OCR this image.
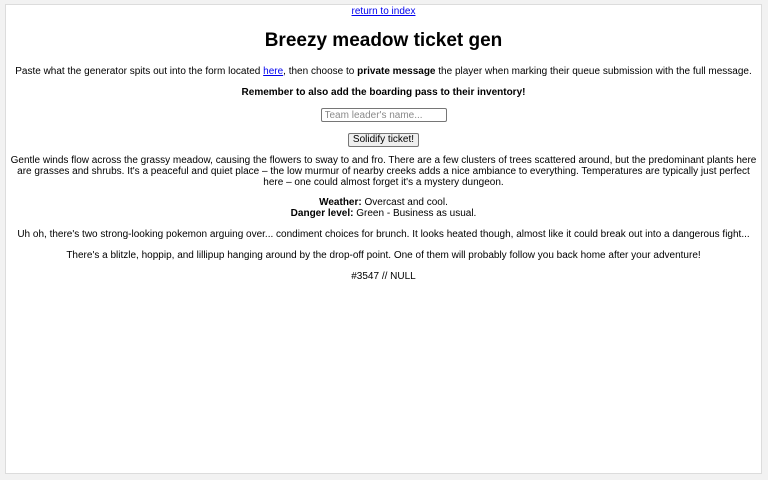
return to index
Breezy meadow ticket gen
Paste what the generator spits out into the form located here, then choose to private message the player when marking their queue submission with the full message.
Remember to also add the boarding pass to their inventory!
Team leader's name...
Solidify ticket!
Gentle winds flow across the grassy meadow, causing the flowers to sway to and fro. There are a few clusters of trees scattered around, but the predominant plants here are grasses and shrubs. It's a peaceful and quiet place – the low murmur of nearby creeks adds a nice ambiance to everything. Temperatures are typically just perfect here – one could almost forget it's a mystery dungeon.
Weather: Overcast and cool.
Danger level: Green - Business as usual.
Uh oh, there's two strong-looking pokemon arguing over... condiment choices for brunch. It looks heated though, almost like it could break out into a dangerous fight...
There's a blitzle, hoppip, and lillipup hanging around by the drop-off point. One of them will probably follow you back home after your adventure!
#3547 // NULL
